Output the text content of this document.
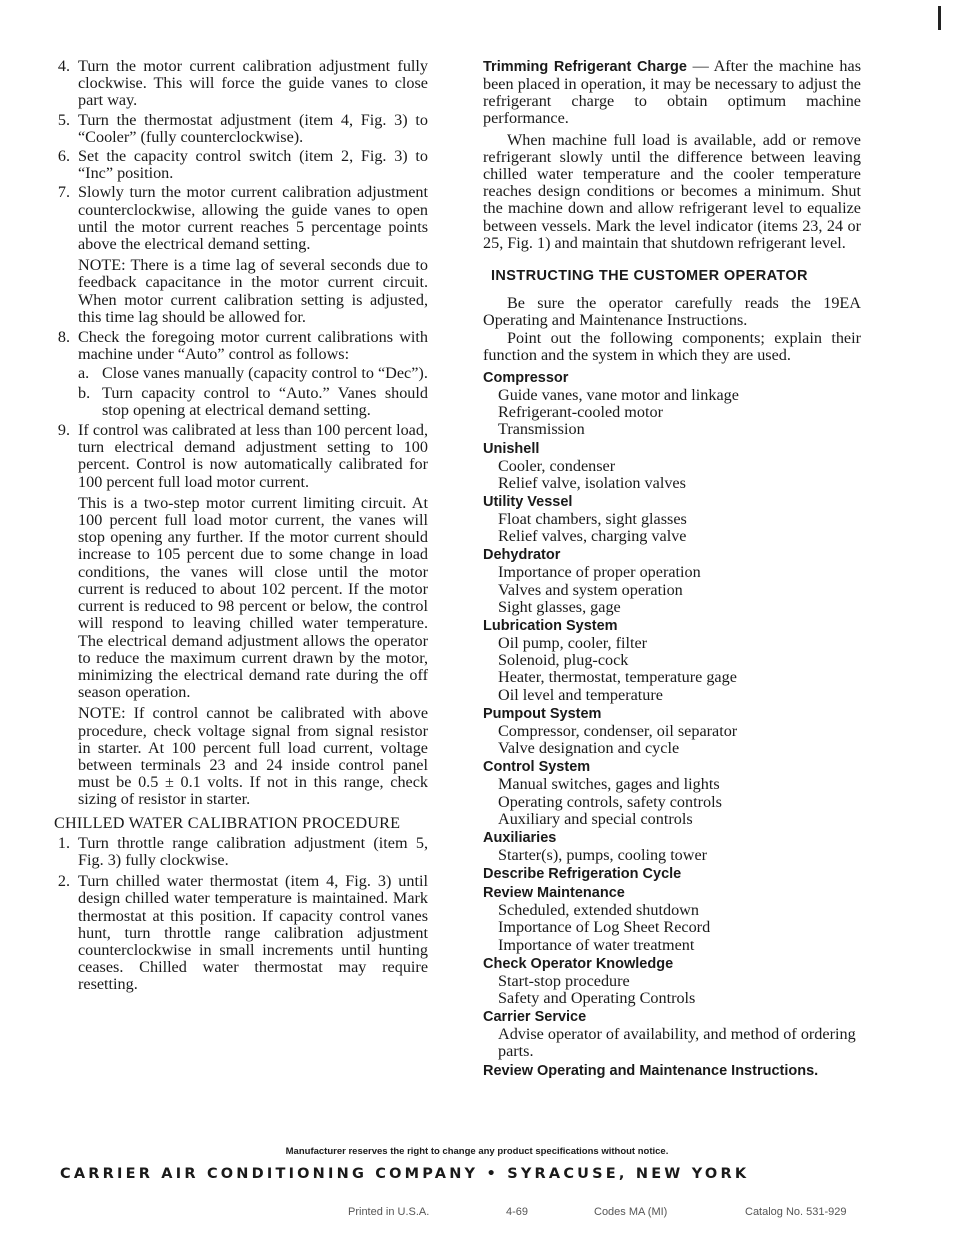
4. Turn the motor current calibration adjustment fully clockwise. This will force the guide vanes to close part way.
5. Turn the thermostat adjustment (item 4, Fig. 3) to “Cooler” (fully counterclockwise).
6. Set the capacity control switch (item 2, Fig. 3) to “Inc” position.
7. Slowly turn the motor current calibration adjustment counterclockwise, allowing the guide vanes to open until the motor current reaches 5 percentage points above the electrical demand setting.
NOTE: There is a time lag of several seconds due to feedback capacitance in the motor current circuit. When motor current calibration setting is adjusted, this time lag should be allowed for.
8. Check the foregoing motor current calibrations with machine under “Auto” control as follows:
a. Close vanes manually (capacity control to “Dec”).
b. Turn capacity control to “Auto.” Vanes should stop opening at electrical demand setting.
9. If control was calibrated at less than 100 percent load, turn electrical demand adjustment setting to 100 percent. Control is now automatically calibrated for 100 percent full load motor current.
This is a two-step motor current limiting circuit. At 100 percent full load motor current, the vanes will stop opening any further. If the motor current should increase to 105 percent due to some change in load conditions, the vanes will close until the motor current is reduced to about 102 percent. If the motor current is reduced to 98 percent or below, the control will respond to leaving chilled water temperature. The electrical demand adjustment allows the operator to reduce the maximum current drawn by the motor, minimizing the electrical demand rate during the off season operation.
NOTE: If control cannot be calibrated with above procedure, check voltage signal from signal resistor in starter. At 100 percent full load current, voltage between terminals 23 and 24 inside control panel must be 0.5 ± 0.1 volts. If not in this range, check sizing of resistor in starter.
CHILLED WATER CALIBRATION PROCEDURE
1. Turn throttle range calibration adjustment (item 5, Fig. 3) fully clockwise.
2. Turn chilled water thermostat (item 4, Fig. 3) until design chilled water temperature is maintained. Mark thermostat at this position. If capacity control vanes hunt, turn throttle range calibration adjustment counterclockwise in small increments until hunting ceases. Chilled water thermostat may require resetting.
Trimming Refrigerant Charge — After the machine has been placed in operation, it may be necessary to adjust the refrigerant charge to obtain optimum machine performance.
When machine full load is available, add or remove refrigerant slowly until the difference between leaving chilled water temperature and the cooler temperature reaches design conditions or becomes a minimum. Shut the machine down and allow refrigerant level to equalize between vessels. Mark the level indicator (items 23, 24 or 25, Fig. 1) and maintain that shutdown refrigerant level.
INSTRUCTING THE CUSTOMER OPERATOR
Be sure the operator carefully reads the 19EA Operating and Maintenance Instructions.
Point out the following components; explain their function and the system in which they are used.
Compressor
Guide vanes, vane motor and linkage
Refrigerant-cooled motor
Transmission
Unishell
Cooler, condenser
Relief valve, isolation valves
Utility Vessel
Float chambers, sight glasses
Relief valves, charging valve
Dehydrator
Importance of proper operation
Valves and system operation
Sight glasses, gage
Lubrication System
Oil pump, cooler, filter
Solenoid, plug-cock
Heater, thermostat, temperature gage
Oil level and temperature
Pumpout System
Compressor, condenser, oil separator
Valve designation and cycle
Control System
Manual switches, gages and lights
Operating controls, safety controls
Auxiliary and special controls
Auxiliaries
Starter(s), pumps, cooling tower
Describe Refrigeration Cycle
Review Maintenance
Scheduled, extended shutdown
Importance of Log Sheet Record
Importance of water treatment
Check Operator Knowledge
Start-stop procedure
Safety and Operating Controls
Carrier Service
Advise operator of availability, and method of ordering parts.
Review Operating and Maintenance Instructions.
Manufacturer reserves the right to change any product specifications without notice.
CARRIER AIR CONDITIONING COMPANY • SYRACUSE, NEW YORK
Printed in U.S.A.	4-69	Codes MA (MI)	Catalog No. 531-929
